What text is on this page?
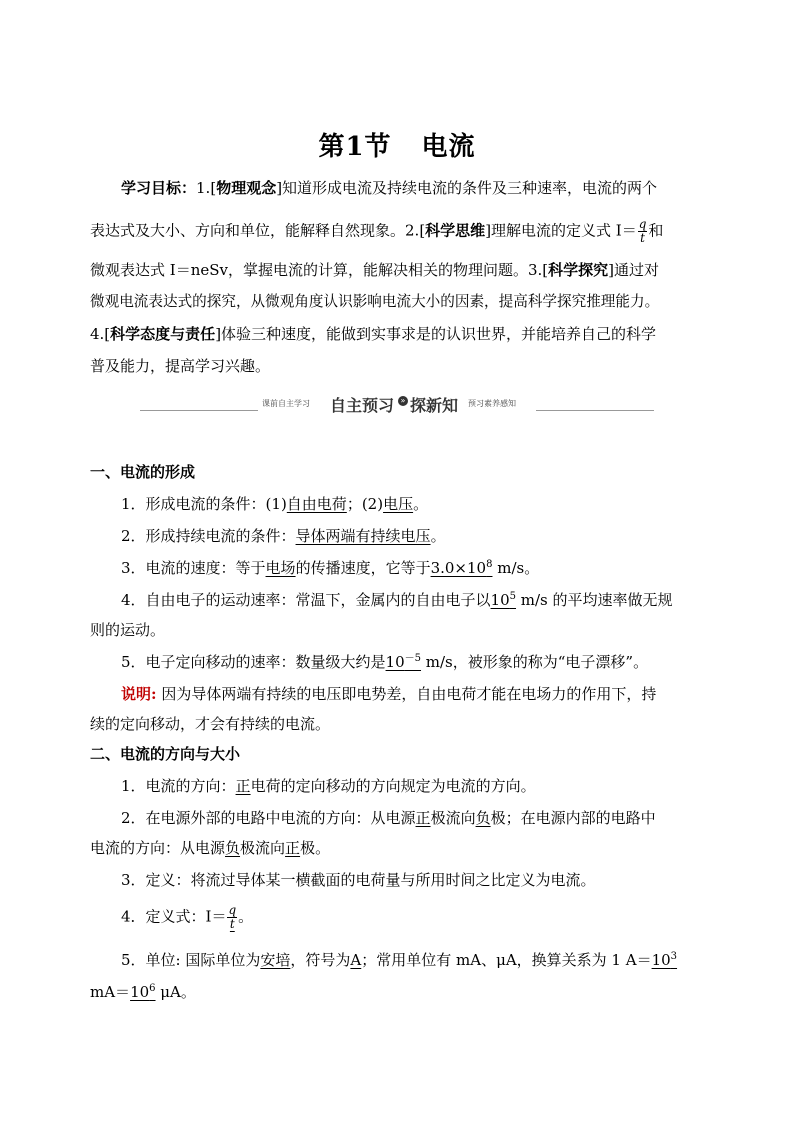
第1节 电流
学习目标：1.[物理观念]知道形成电流及持续电流的条件及三种速率，电流的两个
表达式及大小、方向和单位，能解释自然现象。2.[科学思维]理解电流的定义式 $I= \frac{q}{t}$ 和
微观表达式 I＝neSv，掌握电流的计算，能解决相关的物理问题。3.[科学探究]通过对
微观电流表达式的探究，从微观角度认识影响电流大小的因素，提高科学探究推理能力。
4.[科学态度与责任]体验三种速度，能做到实事求是的认识世界，并能培养自己的科学
普及能力，提高学习兴趣。
课前自主学习 自主预习 » 探新知 预习素养感知
一、电流的形成
1．形成电流的条件：(1)自由电荷；(2)电压。
2．形成持续电流的条件：导体两端有持续电压。
3．电流的速度：等于电场的传播速度，它等于$3.0\times 10^8$ m/s。
4．自由电子的运动速率：常温下，金属内的自由电子以$10^5$ m/s 的平均速率做无规
则的运动。
5．电子定向移动的速率：数量级大约是$10^{-5}$ m/s，被形象的称为“电子漂移”。
说明: 因为导体两端有持续的电压即电势差，自由电荷才能在电场力的作用下，持
续的定向移动，才会有持续的电流。
二、电流的方向与大小
1．电流的方向：正电荷的定向移动的方向规定为电流的方向。
2．在电源外部的电路中电流的方向：从电源正极流向负极；在电源内部的电路中
电流的方向：从电源负极流向正极。
3．定义：将流过导体某一横截面的电荷量与所用时间之比定义为电流。
4．定义式：$I= \frac{q}{t}$ 。
5．单位: 国际单位为安培，符号为A；常用单位有 mA、μA，换算关系为 1 $A=10^3$
$mA=10^6$ μA。
